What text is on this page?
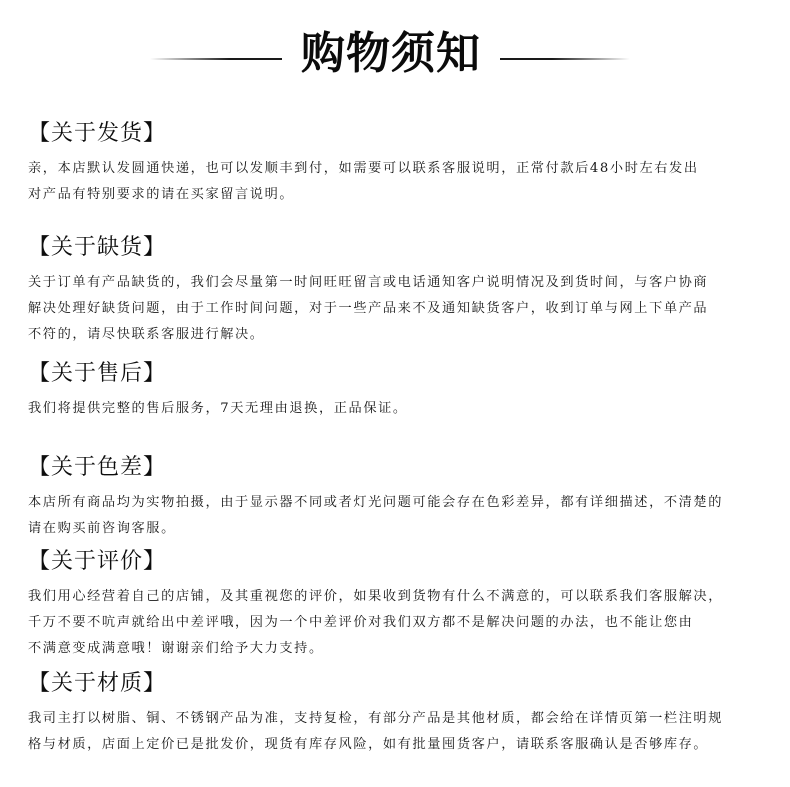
购物须知
【关于发货】
亲，本店默认发圆通快递，也可以发顺丰到付，如需要可以联系客服说明，正常付款后48小时左右发出
对产品有特别要求的请在买家留言说明。
【关于缺货】
关于订单有产品缺货的，我们会尽量第一时间旺旺留言或电话通知客户说明情况及到货时间，与客户协商
解决处理好缺货问题，由于工作时间问题，对于一些产品来不及通知缺货客户，收到订单与网上下单产品
不符的，请尽快联系客服进行解决。
【关于售后】
我们将提供完整的售后服务，7天无理由退换，正品保证。
【关于色差】
本店所有商品均为实物拍摄，由于显示器不同或者灯光问题可能会存在色彩差异，都有详细描述，不清楚的
请在购买前咨询客服。
【关于评价】
我们用心经营着自己的店铺，及其重视您的评价，如果收到货物有什么不满意的，可以联系我们客服解决，
千万不要不吭声就给出中差评哦，因为一个中差评价对我们双方都不是解决问题的办法，也不能让您由
不满意变成满意哦！谢谢亲们给予大力支持。
【关于材质】
我司主打以树脂、铜、不锈钢产品为准，支持复检，有部分产品是其他材质，都会给在详情页第一栏注明规
格与材质，店面上定价已是批发价，现货有库存风险，如有批量囤货客户，请联系客服确认是否够库存。
